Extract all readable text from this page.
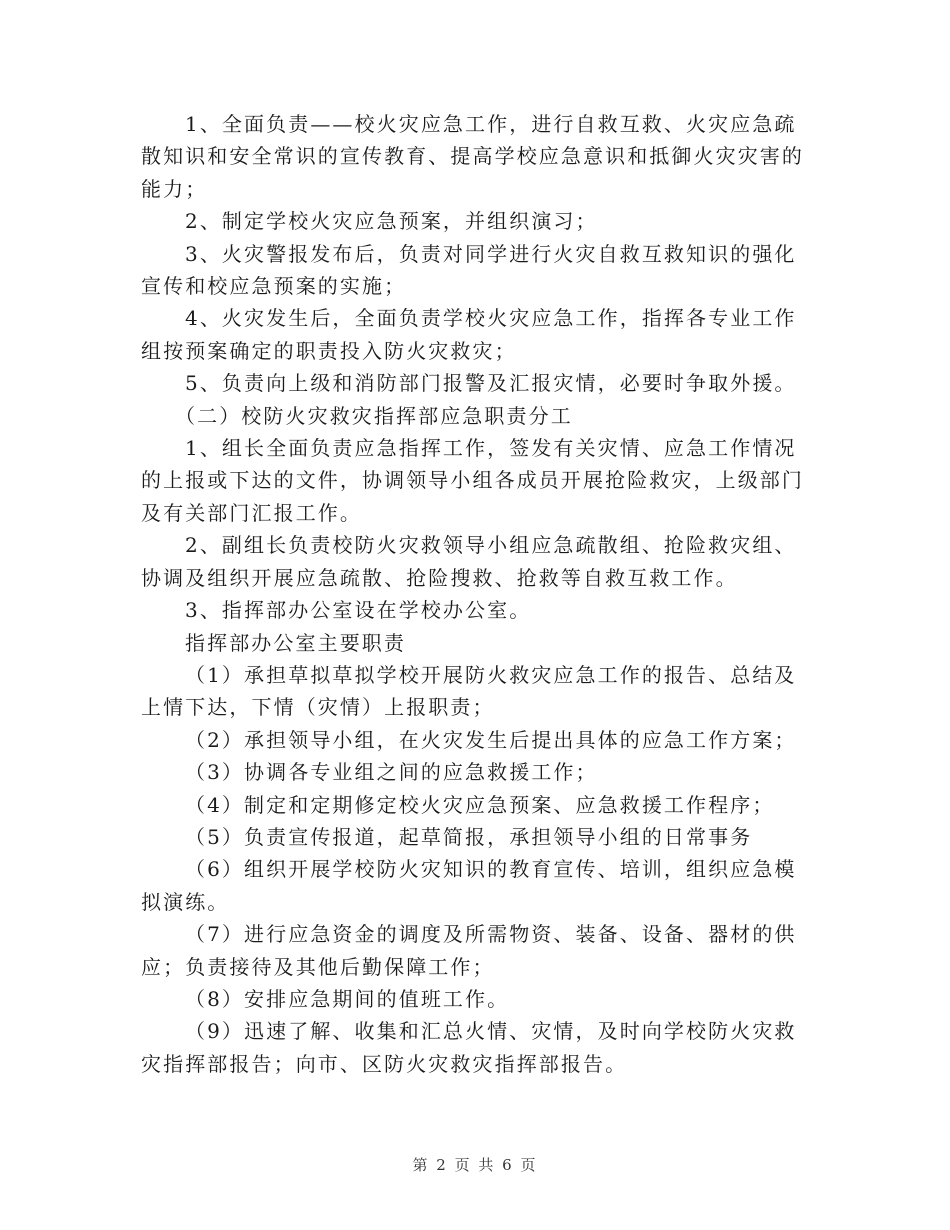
1、全面负责——校火灾应急工作，进行自救互救、火灾应急疏散知识和安全常识的宣传教育、提高学校应急意识和抵御火灾灾害的能力；

2、制定学校火灾应急预案，并组织演习；

3、火灾警报发布后，负责对同学进行火灾自救互救知识的强化宣传和校应急预案的实施；

4、火灾发生后，全面负责学校火灾应急工作，指挥各专业工作组按预案确定的职责投入防火灾救灾；

5、负责向上级和消防部门报警及汇报灾情，必要时争取外援。

（二）校防火灾救灾指挥部应急职责分工

1、组长全面负责应急指挥工作，签发有关灾情、应急工作情况的上报或下达的文件，协调领导小组各成员开展抢险救灾，上级部门及有关部门汇报工作。

2、副组长负责校防火灾救领导小组应急疏散组、抢险救灾组、协调及组织开展应急疏散、抢险搜救、抢救等自救互救工作。

3、指挥部办公室设在学校办公室。

指挥部办公室主要职责

（1）承担草拟草拟学校开展防火救灾应急工作的报告、总结及上情下达，下情（灾情）上报职责；

（2）承担领导小组，在火灾发生后提出具体的应急工作方案；

（3）协调各专业组之间的应急救援工作；

（4）制定和定期修定校火灾应急预案、应急救援工作程序；

（5）负责宣传报道，起草简报，承担领导小组的日常事务

（6）组织开展学校防火灾知识的教育宣传、培训，组织应急模拟演练。

（7）进行应急资金的调度及所需物资、装备、设备、器材的供应；负责接待及其他后勤保障工作；

（8）安排应急期间的值班工作。

（9）迅速了解、收集和汇总火情、灾情，及时向学校防火灾救灾指挥部报告；向市、区防火灾救灾指挥部报告。

第 2 页 共 6 页
